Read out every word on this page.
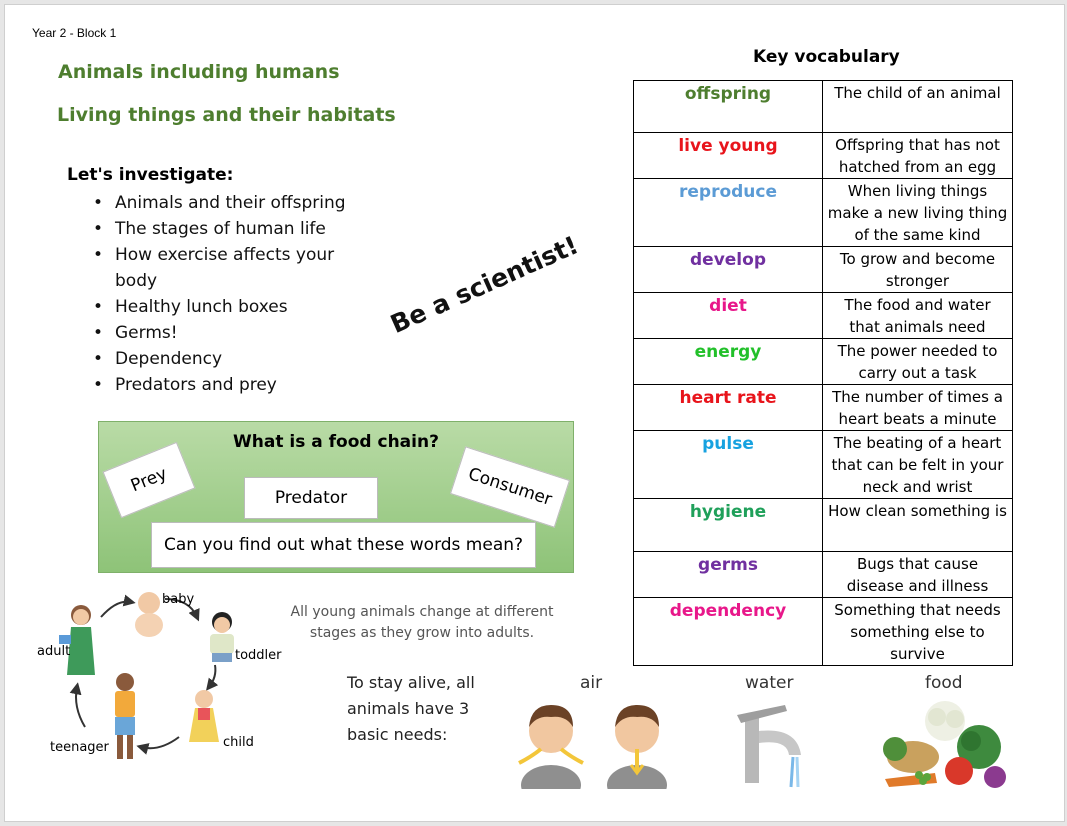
Year 2 - Block 1
Animals including humans
Living things and their habitats
Let's investigate:
• Animals and their offspring
• The stages of human life
• How exercise affects your body
• Healthy lunch boxes
• Germs!
• Dependency
• Predators and prey
Be a scientist!
What is a food chain?
Prey	Consumer
Predator
Can you find out what these words mean?
baby
toddler
child
teenager
adult
All young animals change at different stages as they grow into adults.
To stay alive, all animals have 3 basic needs:
air	water	food
Key vocabulary
offspring	The child of an animal
live young	Offspring that has not hatched from an egg
reproduce	When living things make a new living thing of the same kind
develop	To grow and become stronger
diet	The food and water that animals need
energy	The power needed to carry out a task
heart rate	The number of times a heart beats a minute
pulse	The beating of a heart that can be felt in your neck and wrist
hygiene	How clean something is
germs	Bugs that cause disease and illness
dependency	Something that needs something else to survive
